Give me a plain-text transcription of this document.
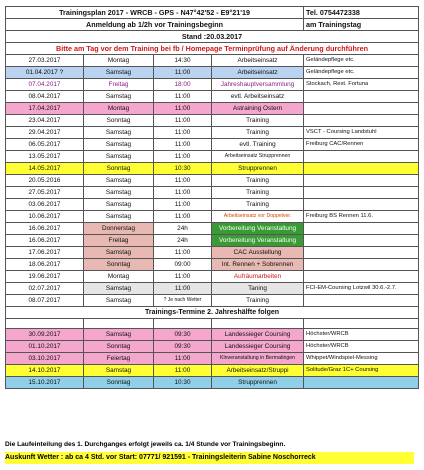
Trainingsplan 2017 - WRCB - GPS - N47°42'52 - E9°21'19				Tel. 0754472338
Anmeldung ab 1/2h vor Trainingsbeginn				am Trainingstag
Stand :20.03.2017				
Bitte am Tag vor dem Training bei fb / Homepage Terminprüfung auf Änderung durchführen				
27.03.2017	Montag	14:30	Arbeitseinsatz	Geländepflege etc.
01.04.2017 ?	Samstag	11:00	Arbeitseinsatz	Geländepflege etc.
07.04.2017	Freitag	18:00	Jahreshauptversammlung	Stockach, Rest. Fortuna
08.04.2017	Samstag	11:00	evtl. Arbeitseinsatz	
17.04.2017	Montag	11:00	Astraining Ostern	
23.04.2017	Sonntag	11:00	Training	
29.04.2017	Samstag	11:00	Training	VSCT - Coursing Landstuhl
06.05.2017	Samstag	11:00	evtl. Training	Freiburg CAC/Rennen
13.05.2017	Samstag	11:00	Arbeitseinsatz Strupprennen	
14.05.2017	Sonntag	10:30	Strupprennen	
20.05.2016	Samstag	11:00	Training	
27.05.2017	Samstag	11:00	Training	
03.06.2017	Samstag	11:00	Training	
10.06.2017	Samstag	11:00	Arbeitseinsatz vor Doppelver.	Freiburg BS Rennen 11.6.
16.06.2017	Donnerstag	24h	Vorbereitung Veranstaltung	
16.06.2017	Freitag	24h	Vorbereitung Veranstaltung	
17.06.2017	Samstag	11:00	CAC Ausstellung	
18.06.2017	Sonntag	09:00	Int. Rennen + Sobrennen	
19.06.2017	Montag	11:00	Aufräumarbeiten	
02.07.2017	Samstag	11:00	Taning	FCI-EM-Coursing Lotzwil 30.6.-2.7.
08.07.2017	Samstag	? Je nach Wetter	Training	
Trainings-Termine 2. Jahreshälfte folgen				

30.09.2017	Samstag	09:30	Landessieger Coursing	Höchster/WRCB
01.10.2017	Sonntag	09:30	Landessieger Coursing	Höchster/WRCB
03.10.2017	Feiertag	11:00	Klnveranstaltung in Bermatingen	Whippet/Windspiel-Messing
14.10.2017	Samstag	11:00	Arbeitseinsatz/Struppi	Solitude/Graz 1C+ Coursing
15.10.2017	Sonntag	10:30	Strupprennen	
Die Laufeinteilung des 1. Durchganges erfolgt jeweils ca. 1/4 Stunde vor Trainingsbeginn.
Auskunft Wetter : ab ca 4 Std. vor Start: 07771/ 921591 - Trainingsleiterin Sabine Noschorreck
